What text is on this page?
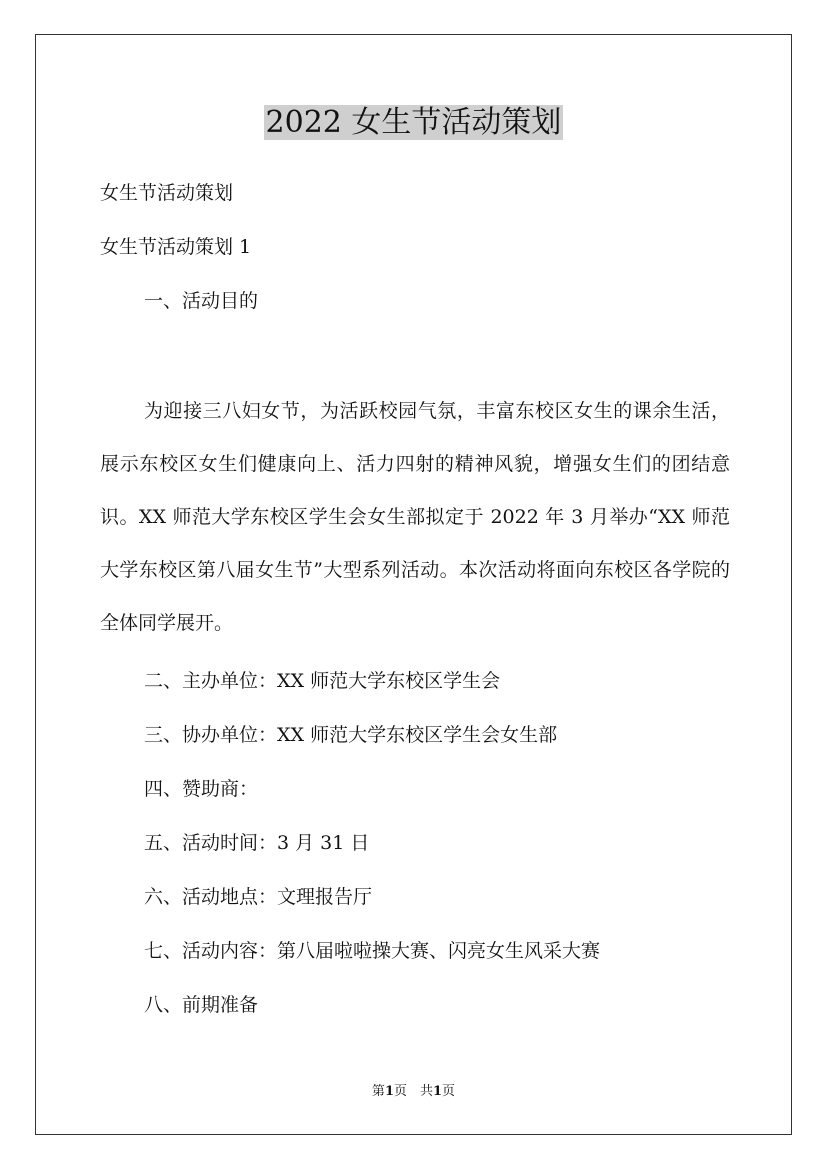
2022 女生节活动策划
女生节活动策划
女生节活动策划 1
一、活动目的
为迎接三八妇女节，为活跃校园气氛，丰富东校区女生的课余生活，展示东校区女生们健康向上、活力四射的精神风貌，增强女生们的团结意识。XX 师范大学东校区学生会女生部拟定于 2022 年 3 月举办“XX 师范大学东校区第八届女生节”大型系列活动。本次活动将面向东校区各学院的全体同学展开。
二、主办单位：XX 师范大学东校区学生会
三、协办单位：XX 师范大学东校区学生会女生部
四、赞助商：
五、活动时间：3 月 31 日
六、活动地点：文理报告厅
七、活动内容：第八届啦啦操大赛、闪亮女生风采大赛
八、前期准备
第1页　共1页
